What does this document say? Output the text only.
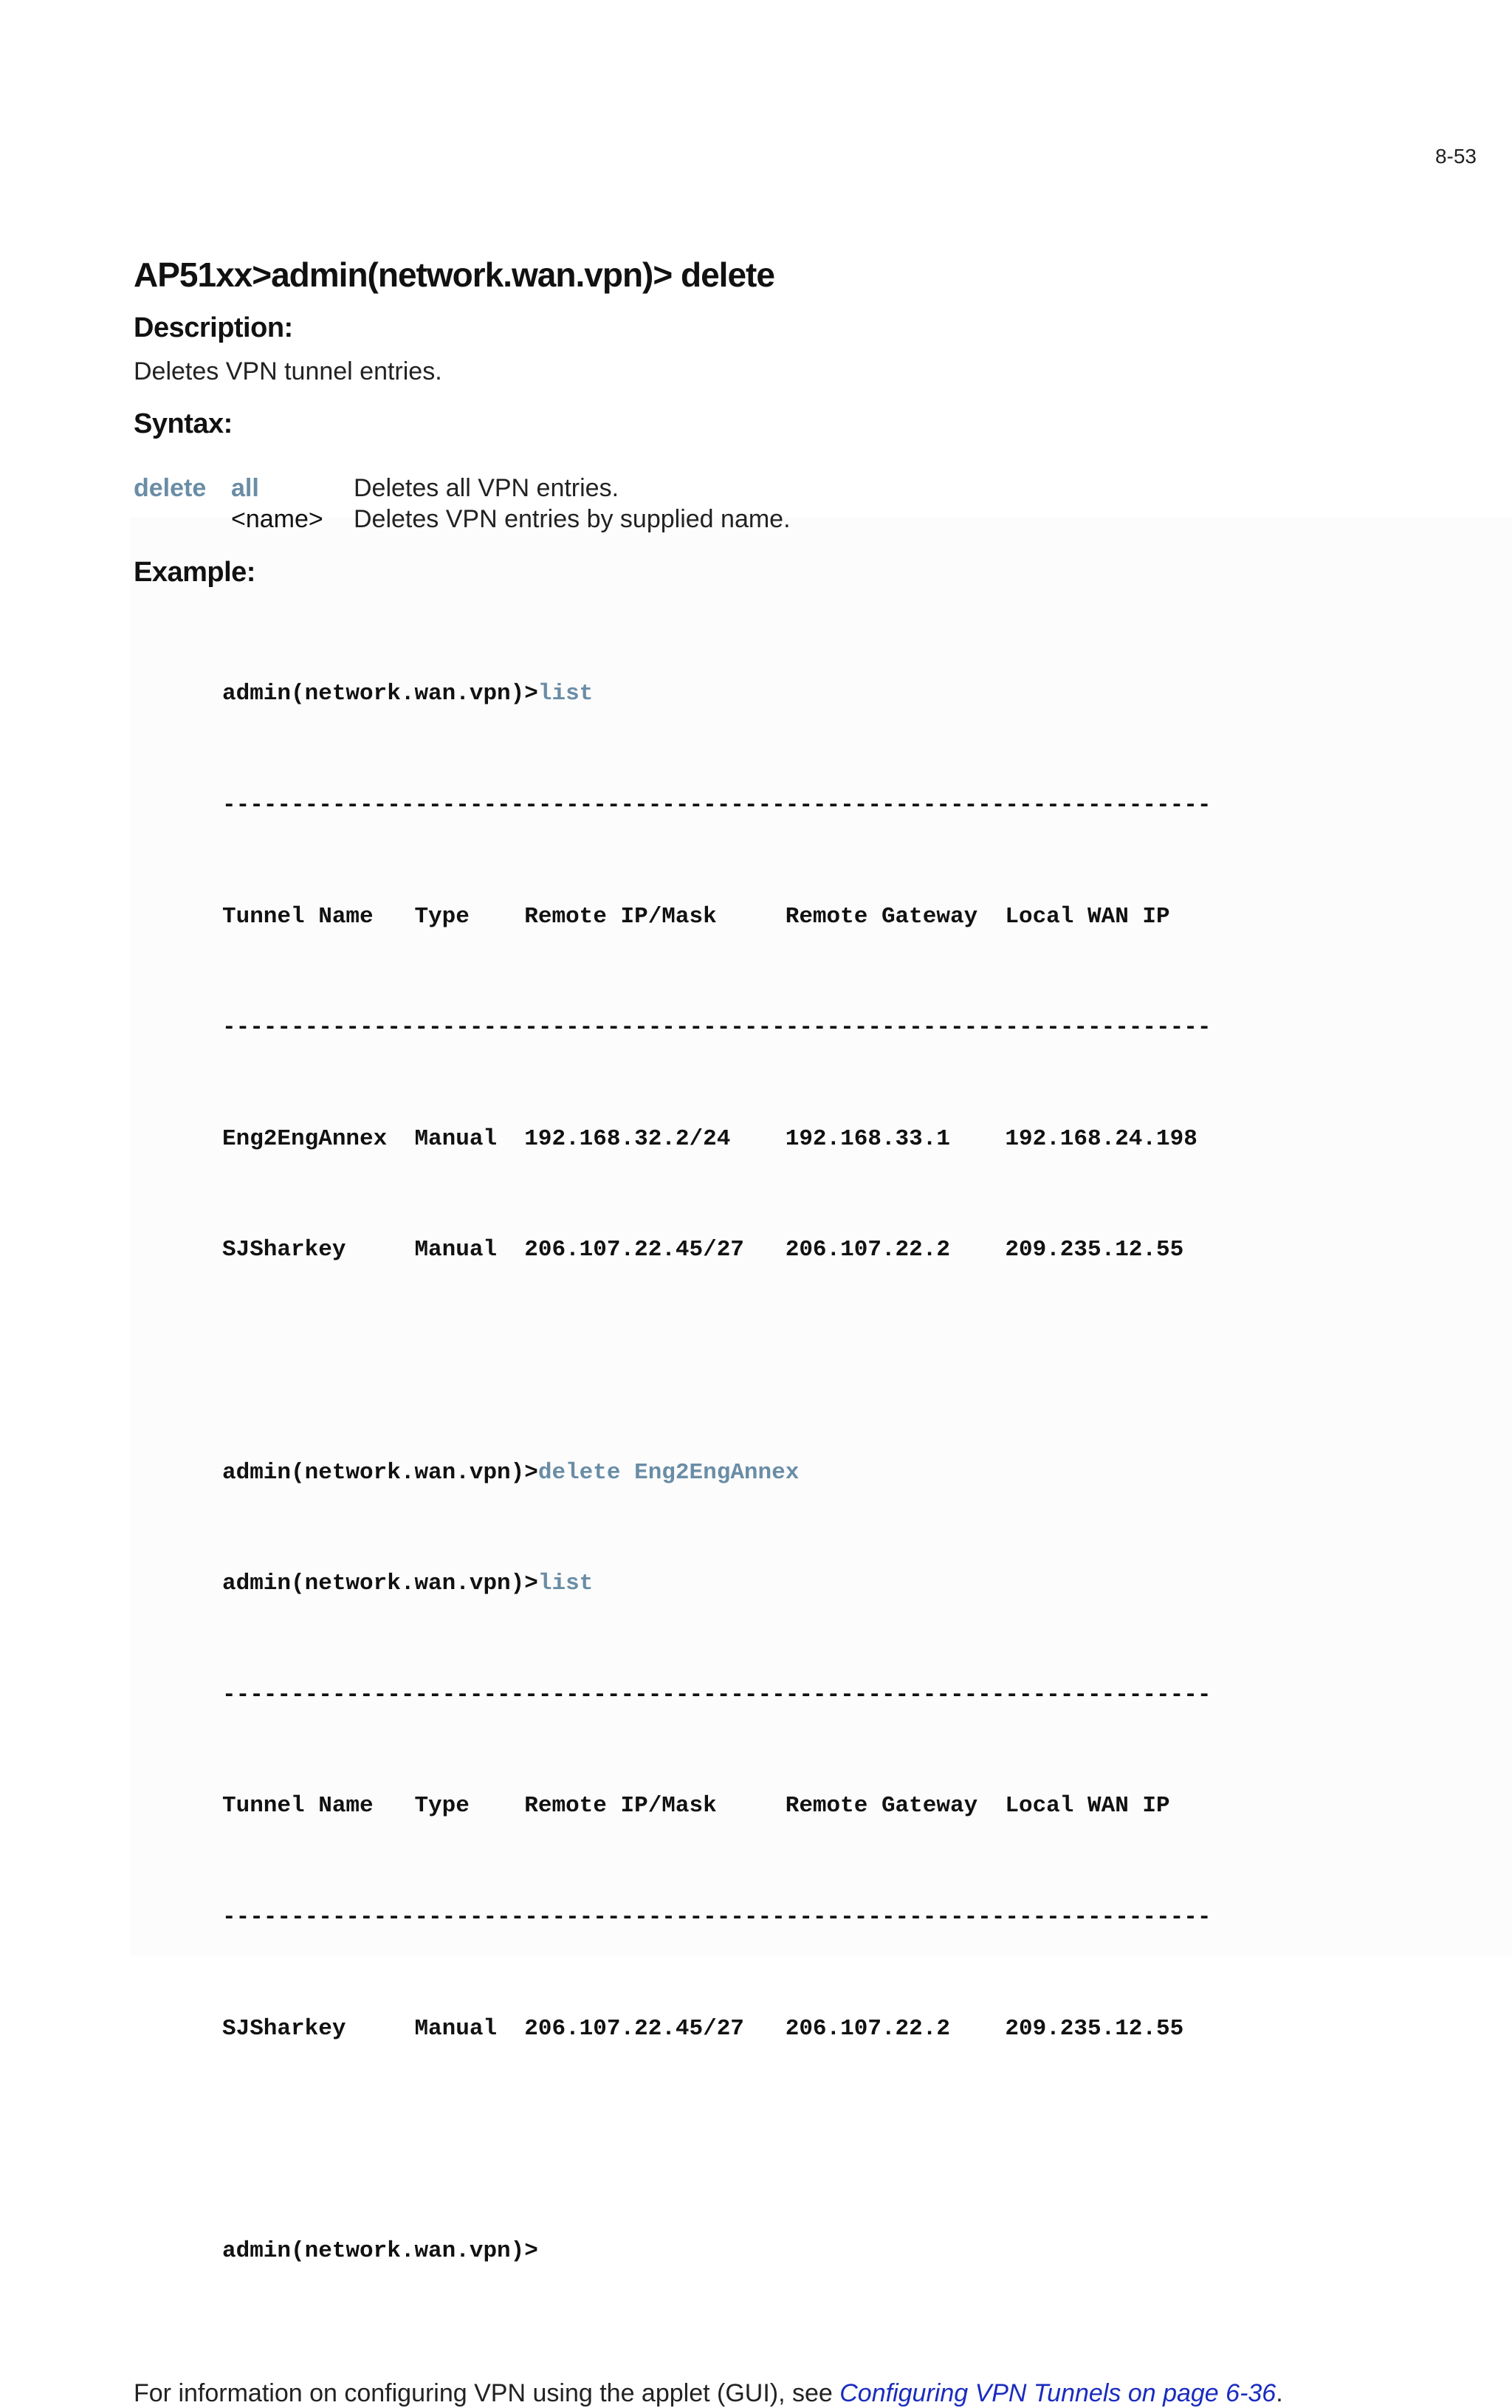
8-53
AP51xx>admin(network.wan.vpn)> delete
Description:
Deletes VPN tunnel entries.
Syntax:
delete all	Deletes all VPN entries.
<name>	Deletes VPN entries by supplied name.
Example:

admin(network.wan.vpn)>list

------------------------------------------------------------------------

Tunnel Name   Type    Remote IP/Mask     Remote Gateway  Local WAN IP

------------------------------------------------------------------------

Eng2EngAnnex  Manual  192.168.32.2/24    192.168.33.1    192.168.24.198

SJSharkey     Manual  206.107.22.45/27   206.107.22.2    209.235.12.55

admin(network.wan.vpn)>delete Eng2EngAnnex

admin(network.wan.vpn)>list

------------------------------------------------------------------------

Tunnel Name   Type    Remote IP/Mask     Remote Gateway  Local WAN IP

------------------------------------------------------------------------

SJSharkey     Manual  206.107.22.45/27   206.107.22.2    209.235.12.55

admin(network.wan.vpn)>

For information on configuring VPN using the applet (GUI), see Configuring VPN Tunnels on page 6-36.
